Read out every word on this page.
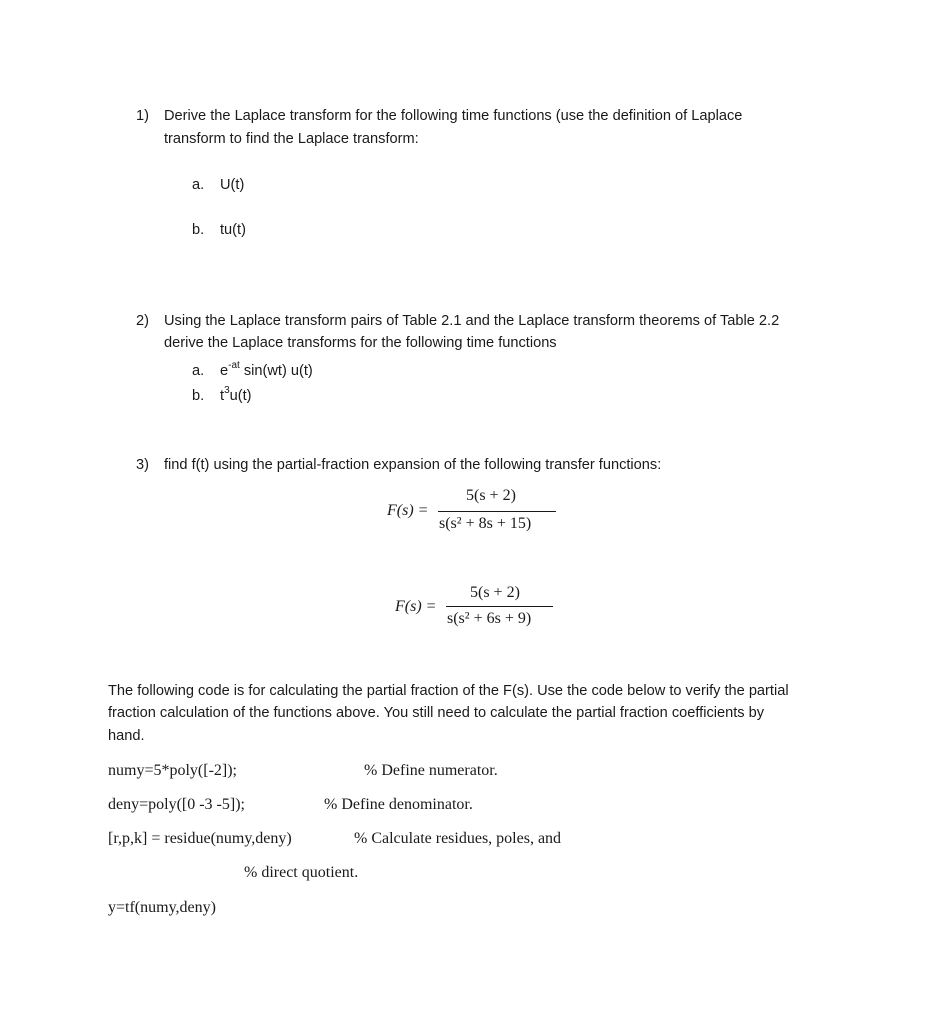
1) Derive the Laplace transform for the following time functions (use the definition of Laplace
transform to find the Laplace transform:
a. U(t)
b. tu(t)
2) Using the Laplace transform pairs of Table 2.1 and the Laplace transform theorems of Table 2.2
derive the Laplace transforms for the following time functions
a. $e^{-at}$ sin(wt) u(t)
b. $t^3u(t)$
3) find f(t) using the partial-fraction expansion of the following transfer functions:
F(s) =
5(s + 2)
s(s² + 8s + 15)
F(s) =
5(s + 2)
s(s² + 6s + 9)
The following code is for calculating the partial fraction of the F(s). Use the code below to verify the partial
fraction calculation of the functions above. You still need to calculate the partial fraction coefficients by
hand.
numy=5*poly([-2]);	% Define numerator.
deny=poly([0 -3 -5]);	% Define denominator.
[r,p,k] = residue(numy,deny)	% Calculate residues, poles, and
% direct quotient.
y=tf(numy,deny)
